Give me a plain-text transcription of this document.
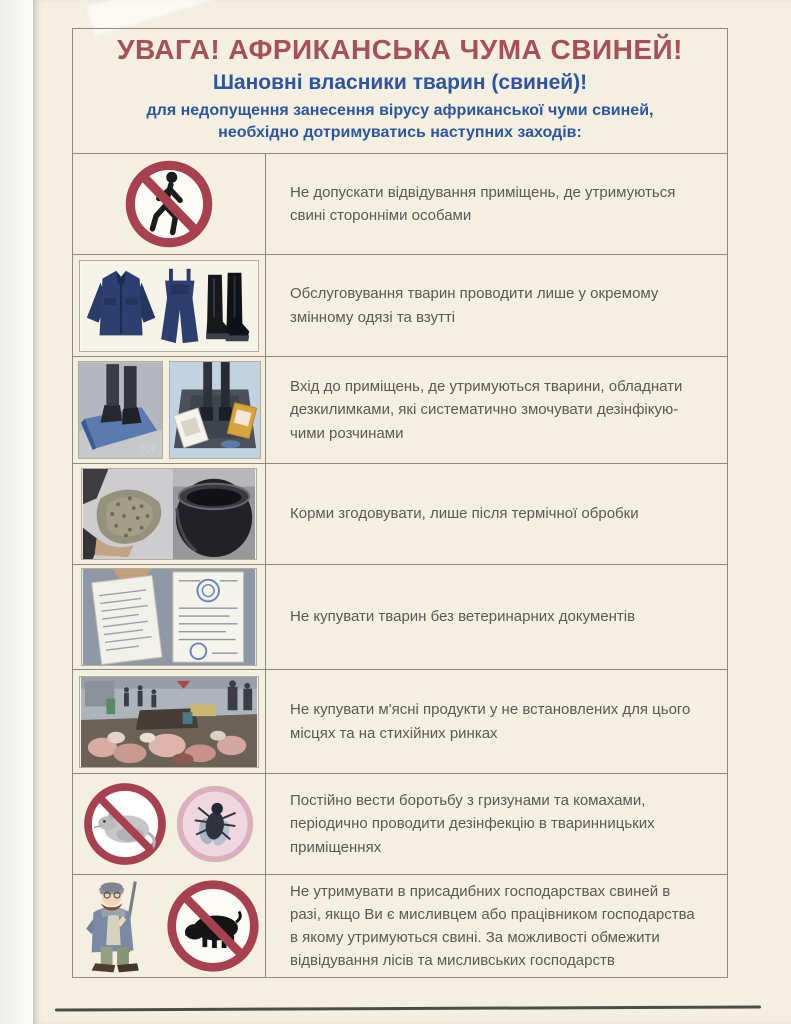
УВАГА! АФРИКАНСЬКА ЧУМА СВИНЕЙ!
Шановні власники тварин (свиней)!
для недопущення занесення вірусу африканської чуми свиней,
необхідно дотримуватись наступних заходів:
Не допускати відвідування приміщень, де утримуються свині сторонніми особами
Обслуговування тварин проводити лише у окремому змінному одязі та взутті
ТОР
Вхід до приміщень, де утримуються тварини, обладнати дезкилимками, які систематично змочувати дезінфікую-чими розчинами
Корми згодовувати, лише після термічної обробки
Не купувати тварин без ветеринарних документів
Не купувати м'ясні продукти у не встановлених для цього місцях та на стихійних ринках
Постійно вести боротьбу з гризунами та комахами, періодично проводити дезінфекцію в тваринницьких приміщеннях
Не утримувати в присадибних господарствах свиней в разі, якщо Ви є мисливцем або працівником господарства в якому утримуються свині. За можливості обмежити відвідування лісів та мисливських господарств
